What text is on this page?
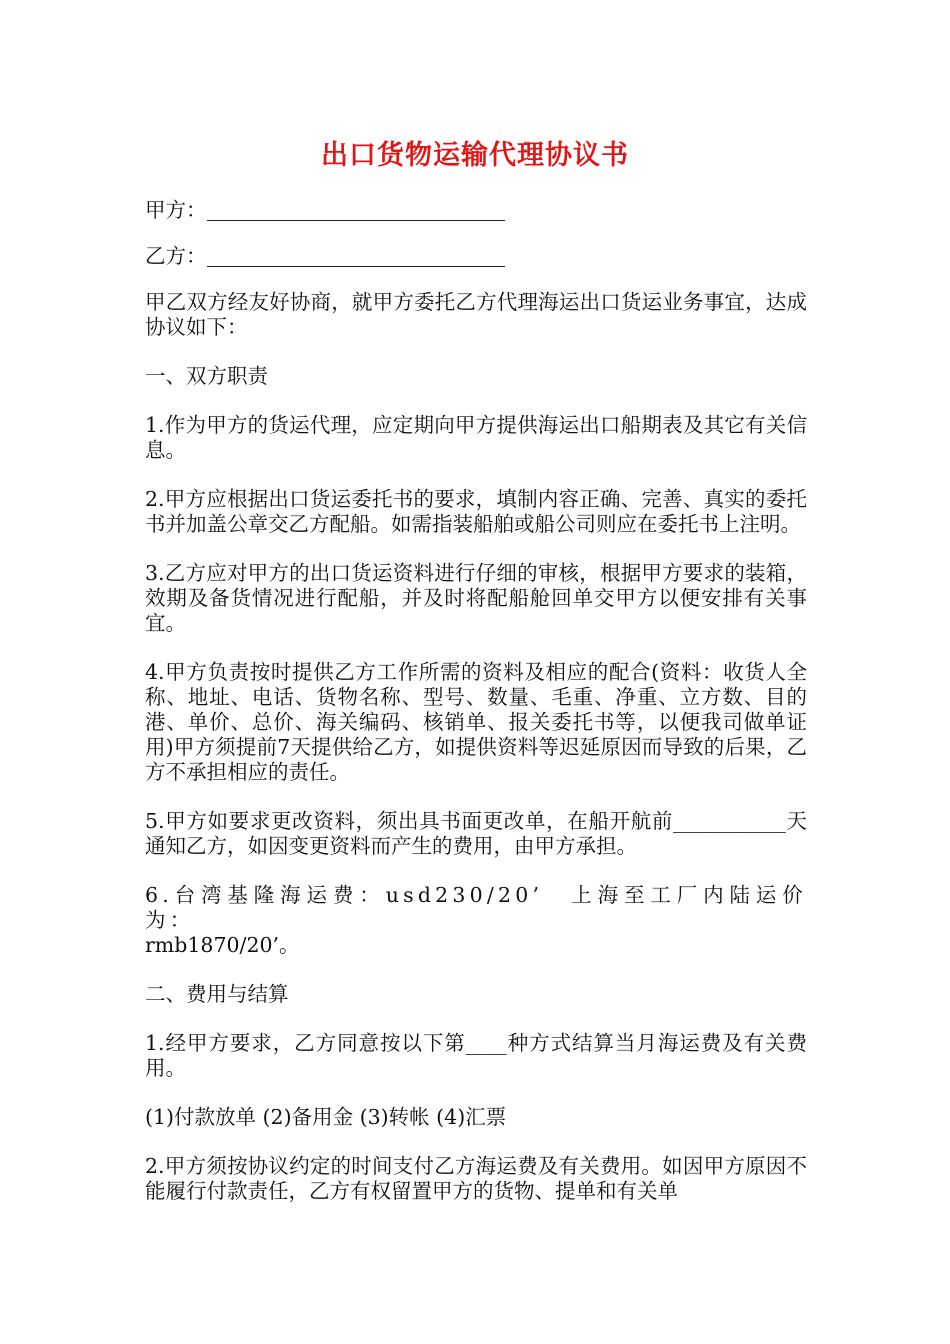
出口货物运输代理协议书

甲方：

乙方：

甲乙双方经友好协商，就甲方委托乙方代理海运出口货运业务事宜，达成协议如下：

一、双方职责

1.作为甲方的货运代理，应定期向甲方提供海运出口船期表及其它有关信息。

2.甲方应根据出口货运委托书的要求，填制内容正确、完善、真实的委托书并加盖公章交乙方配船。如需指装船舶或船公司则应在委托书上注明。

3.乙方应对甲方的出口货运资料进行仔细的审核，根据甲方要求的装箱，效期及备货情况进行配船，并及时将配船舱回单交甲方以便安排有关事宜。

4.甲方负责按时提供乙方工作所需的资料及相应的配合(资料：收货人全称、地址、电话、货物名称、型号、数量、毛重、净重、立方数、目的港、单价、总价、海关编码、核销单、报关委托书等，以便我司做单证用)甲方须提前7天提供给乙方，如提供资料等迟延原因而导致的后果，乙方不承担相应的责任。

5.甲方如要求更改资料，须出具书面更改单，在船开航前___________天通知乙方，如因变更资料而产生的费用，由甲方承担。

6.台湾基隆海运费：usd230/20’　上海至工厂内陆运价为：
rmb1870/20’。

二、费用与结算

1.经甲方要求，乙方同意按以下第____种方式结算当月海运费及有关费用。

(1)付款放单 (2)备用金 (3)转帐 (4)汇票

2.甲方须按协议约定的时间支付乙方海运费及有关费用。如因甲方原因不能履行付款责任，乙方有权留置甲方的货物、提单和有关单
